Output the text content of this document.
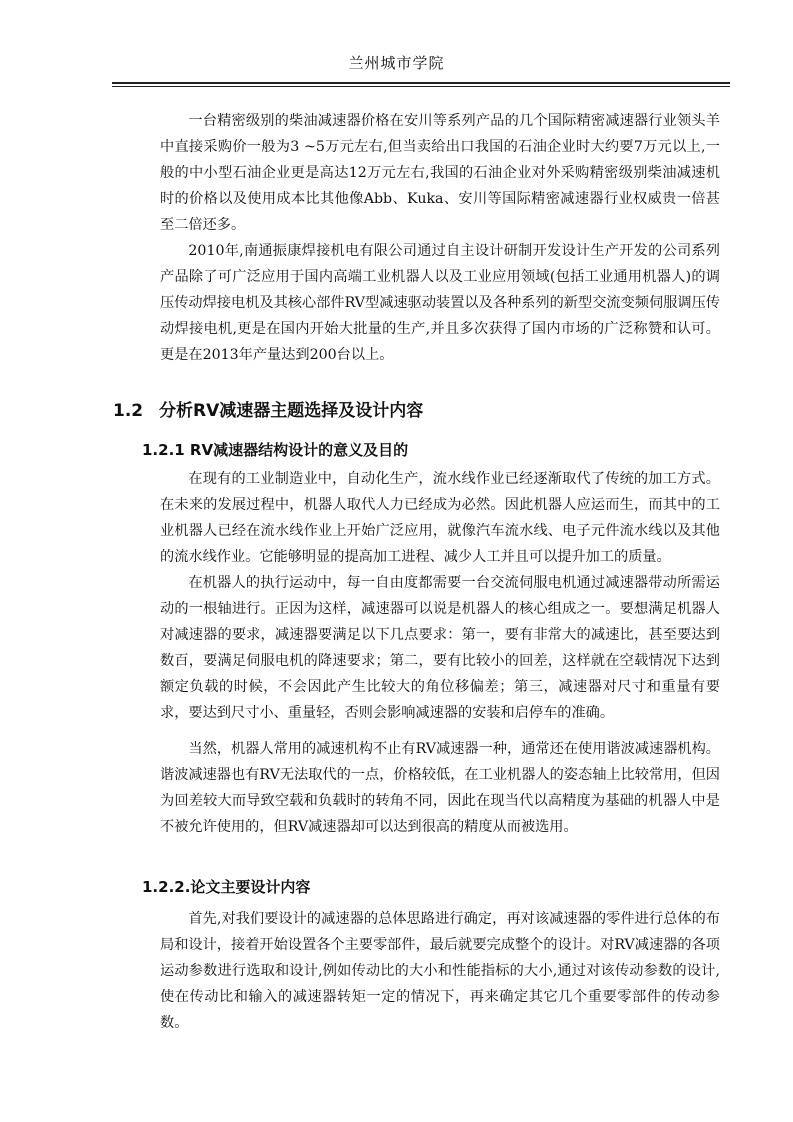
兰州城市学院

一台精密级别的柴油减速器价格在安川等系列产品的几个国际精密减速器行业领头羊中直接采购价一般为3 ~5万元左右,但当卖给出口我国的石油企业时大约要7万元以上,一般的中小型石油企业更是高达12万元左右,我国的石油企业对外采购精密级别柴油减速机时的价格以及使用成本比其他像Abb、Kuka、安川等国际精密减速器行业权威贵一倍甚至二倍还多。

2010年,南通振康焊接机电有限公司通过自主设计研制开发设计生产开发的公司系列产品除了可广泛应用于国内高端工业机器人以及工业应用领域(包括工业通用机器人)的调压传动焊接电机及其核心部件RV型减速驱动装置以及各种系列的新型交流变频伺服调压传动焊接电机,更是在国内开始大批量的生产,并且多次获得了国内市场的广泛称赞和认可。更是在2013年产量达到200台以上。

1.2 分析RV减速器主题选择及设计内容
1.2.1 RV减速器结构设计的意义及目的

在现有的工业制造业中，自动化生产，流水线作业已经逐渐取代了传统的加工方式。在未来的发展过程中，机器人取代人力已经成为必然。因此机器人应运而生，而其中的工业机器人已经在流水线作业上开始广泛应用，就像汽车流水线、电子元件流水线以及其他的流水线作业。它能够明显的提高加工进程、减少人工并且可以提升加工的质量。

在机器人的执行运动中，每一自由度都需要一台交流伺服电机通过减速器带动所需运动的一根轴进行。正因为这样，减速器可以说是机器人的核心组成之一。要想满足机器人对减速器的要求，减速器要满足以下几点要求：第一，要有非常大的减速比，甚至要达到数百，要满足伺服电机的降速要求；第二，要有比较小的回差，这样就在空载情况下达到额定负载的时候，不会因此产生比较大的角位移偏差；第三，减速器对尺寸和重量有要求，要达到尺寸小、重量轻，否则会影响减速器的安装和启停车的准确。

当然，机器人常用的减速机构不止有RV减速器一种，通常还在使用谐波减速器机构。谐波减速器也有RV无法取代的一点，价格较低，在工业机器人的姿态轴上比较常用，但因为回差较大而导致空载和负载时的转角不同，因此在现当代以高精度为基础的机器人中是不被允许使用的，但RV减速器却可以达到很高的精度从而被选用。

1.2.2.论文主要设计内容

首先,对我们要设计的减速器的总体思路进行确定，再对该减速器的零件进行总体的布局和设计，接着开始设置各个主要零部件，最后就要完成整个的设计。对RV减速器的各项运动参数进行选取和设计,例如传动比的大小和性能指标的大小,通过对该传动参数的设计,使在传动比和输入的减速器转矩一定的情况下，再来确定其它几个重要零部件的传动参数。
